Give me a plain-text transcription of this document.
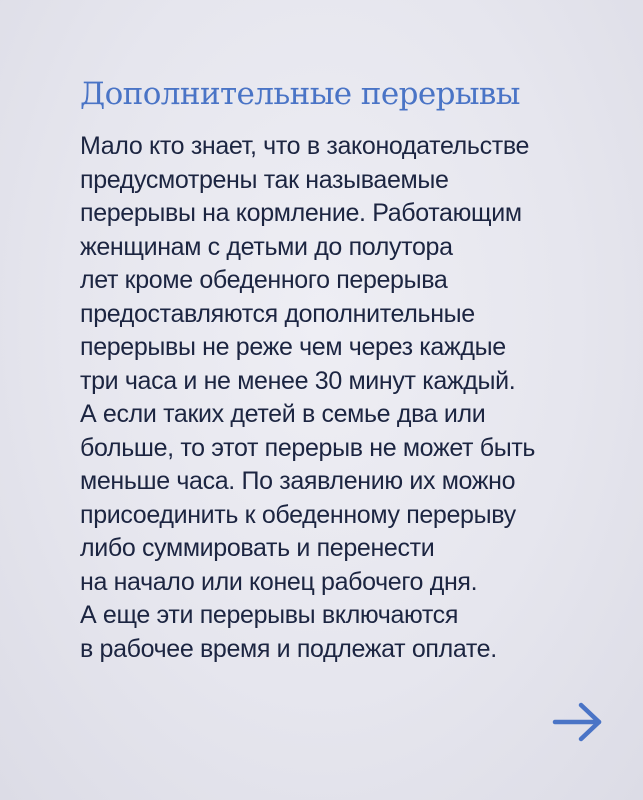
Дополнительные перерывы

Мало кто знает, что в законодательстве
предусмотрены так называемые
перерывы на кормление. Работающим
женщинам с детьми до полутора
лет кроме обеденного перерыва
предоставляются дополнительные
перерывы не реже чем через каждые
три часа и не менее 30 минут каждый.
А если таких детей в семье два или
больше, то этот перерыв не может быть
меньше часа. По заявлению их можно
присоединить к обеденному перерыву
либо суммировать и перенести
на начало или конец рабочего дня.
А еще эти перерывы включаются
в рабочее время и подлежат оплате.
